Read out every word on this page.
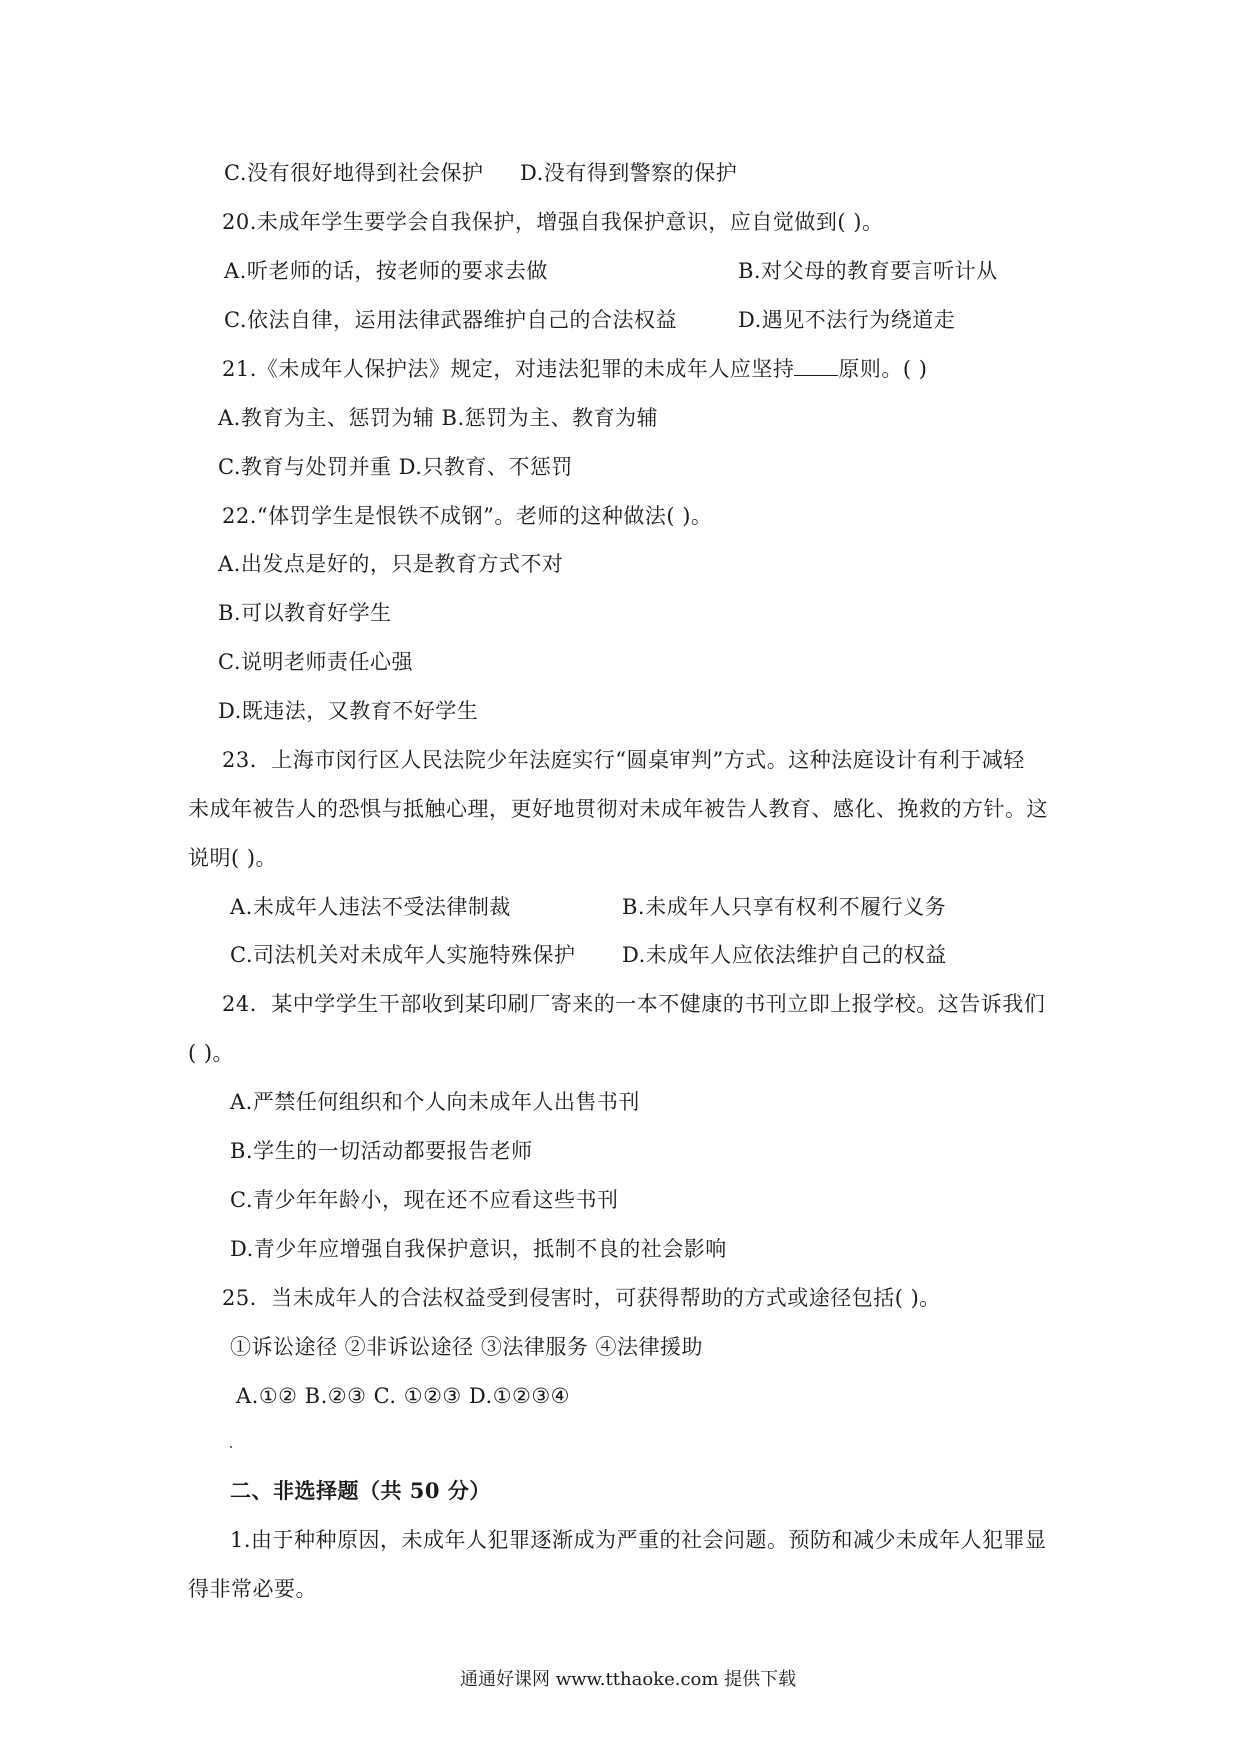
C.没有很好地得到社会保护 D.没有得到警察的保护
20.未成年学生要学会自我保护，增强自我保护意识，应自觉做到( )。
A.听老师的话，按老师的要求去做	B.对父母的教育要言听计从
C.依法自律，运用法律武器维护自己的合法权益	D.遇见不法行为绕道走
21.《未成年人保护法》规定，对违法犯罪的未成年人应坚持 原则。( )
A.教育为主、惩罚为辅 B.惩罚为主、教育为辅
C.教育与处罚并重 D.只教育、不惩罚
22.“体罚学生是恨铁不成钢”。老师的这种做法( )。
A.出发点是好的，只是教育方式不对
B.可以教育好学生
C.说明老师责任心强
D.既违法，又教育不好学生
23．上海市闵行区人民法院少年法庭实行“圆桌审判”方式。这种法庭设计有利于减轻
未成年被告人的恐惧与抵触心理，更好地贯彻对未成年被告人教育、感化、挽救的方针。这
说明( )。
A.未成年人违法不受法律制裁	B.未成年人只享有权利不履行义务
C.司法机关对未成年人实施特殊保护 D.未成年人应依法维护自己的权益
24．某中学学生干部收到某印刷厂寄来的一本不健康的书刊立即上报学校。这告诉我们
( )。
A.严禁任何组织和个人向未成年人出售书刊
B.学生的一切活动都要报告老师
C.青少年年龄小，现在还不应看这些书刊
D.青少年应增强自我保护意识，抵制不良的社会影响
25．当未成年人的合法权益受到侵害时，可获得帮助的方式或途径包括( )。
①诉讼途径 ②非诉讼途径 ③法律服务 ④法律援助
A.①② B.②③ C. ①②③ D.①②③④
二、非选择题（共 50 分）
1.由于种种原因，未成年人犯罪逐渐成为严重的社会问题。预防和减少未成年人犯罪显
得非常必要。
通通好课网 www.tthaoke.com 提供下载
